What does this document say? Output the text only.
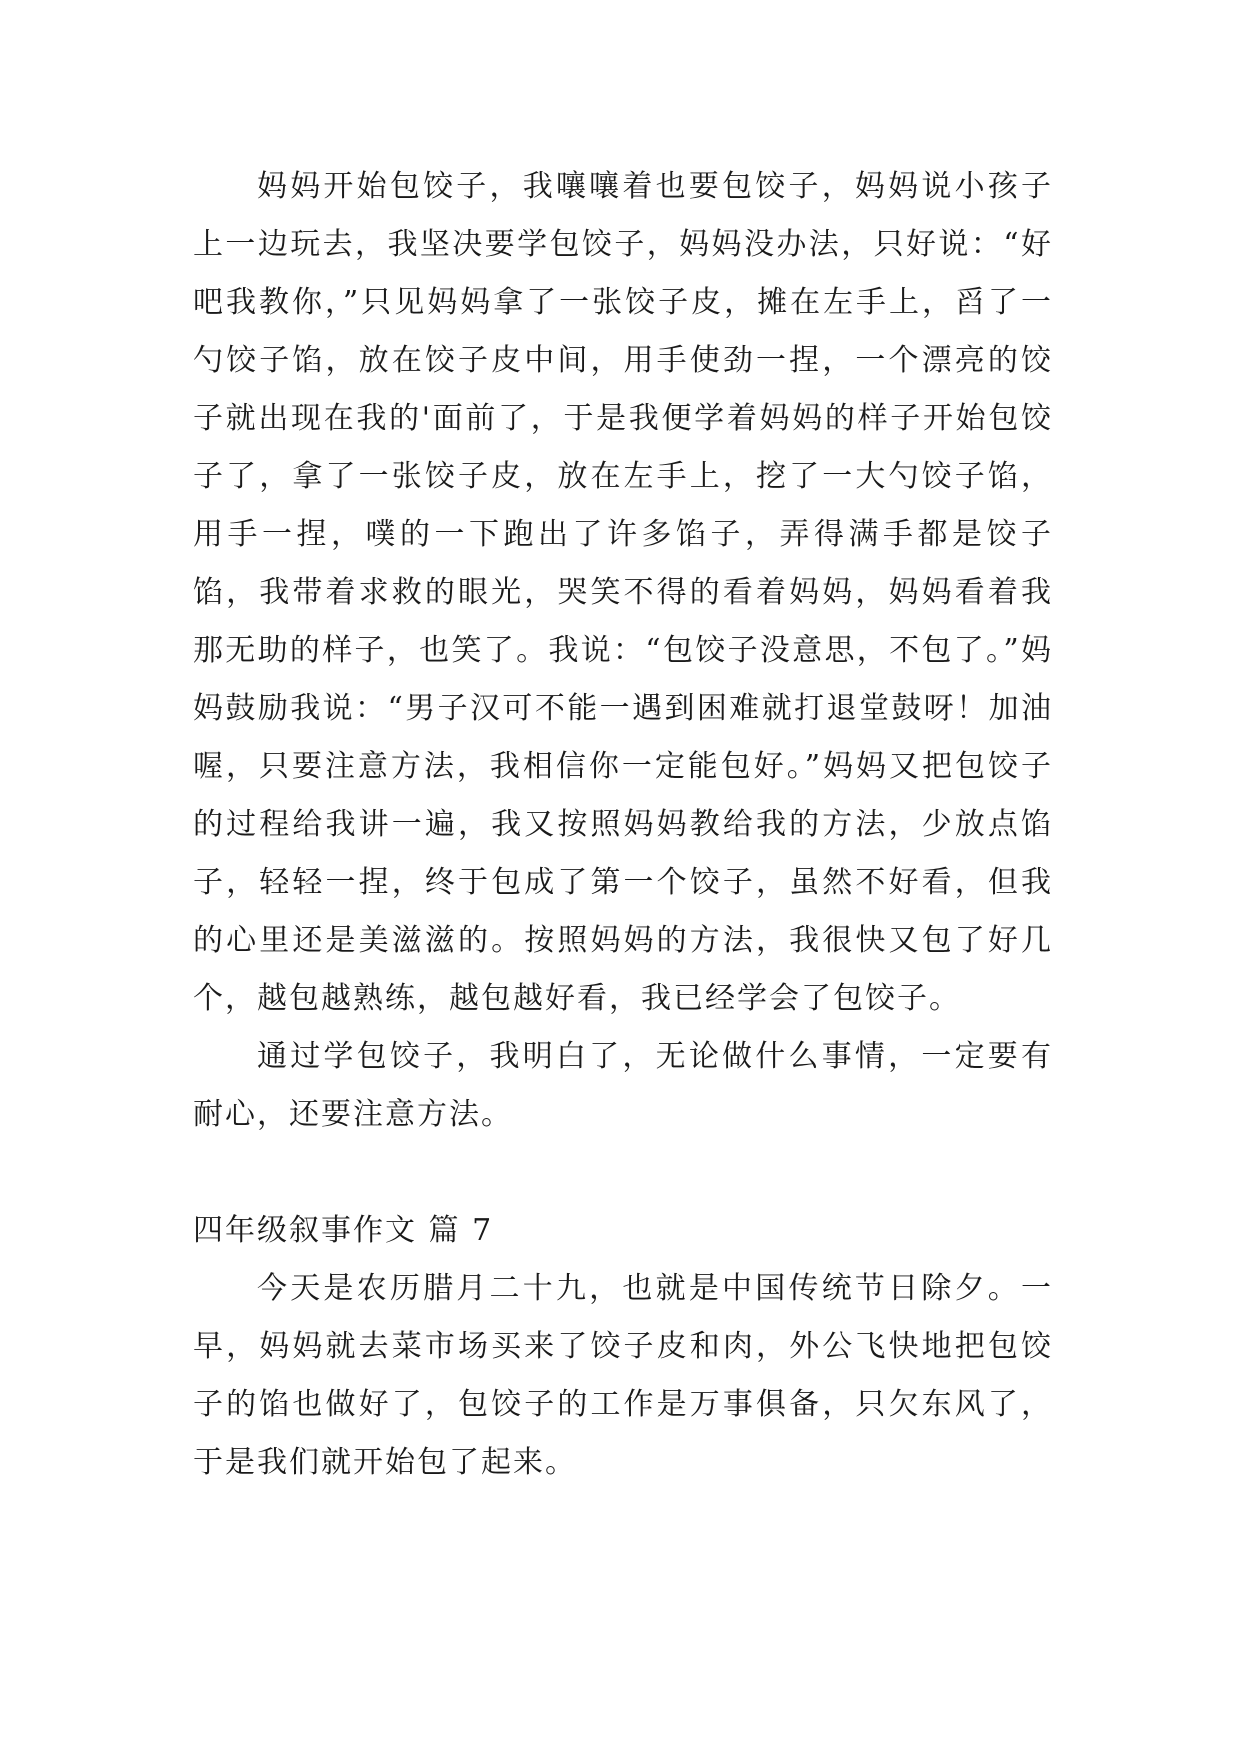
妈妈开始包饺子，我嚷嚷着也要包饺子，妈妈说小孩子上一边玩去，我坚决要学包饺子，妈妈没办法，只好说：“好吧我教你，”只见妈妈拿了一张饺子皮，摊在左手上，舀了一勺饺子馅，放在饺子皮中间，用手使劲一捏，一个漂亮的饺子就出现在我的'面前了，于是我便学着妈妈的样子开始包饺子了，拿了一张饺子皮，放在左手上，挖了一大勺饺子馅，用手一捏，噗的一下跑出了许多馅子，弄得满手都是饺子馅，我带着求救的眼光，哭笑不得的看着妈妈，妈妈看着我那无助的样子，也笑了。我说：“包饺子没意思，不包了。”妈妈鼓励我说：“男子汉可不能一遇到困难就打退堂鼓呀！加油喔，只要注意方法，我相信你一定能包好。”妈妈又把包饺子的过程给我讲一遍，我又按照妈妈教给我的方法，少放点馅子，轻轻一捏，终于包成了第一个饺子，虽然不好看，但我的心里还是美滋滋的。按照妈妈的方法，我很快又包了好几个，越包越熟练，越包越好看，我已经学会了包饺子。

通过学包饺子，我明白了，无论做什么事情，一定要有耐心，还要注意方法。

四年级叙事作文 篇 7

今天是农历腊月二十九，也就是中国传统节日除夕。一早，妈妈就去菜市场买来了饺子皮和肉，外公飞快地把包饺子的馅也做好了，包饺子的工作是万事俱备，只欠东风了，于是我们就开始包了起来。
